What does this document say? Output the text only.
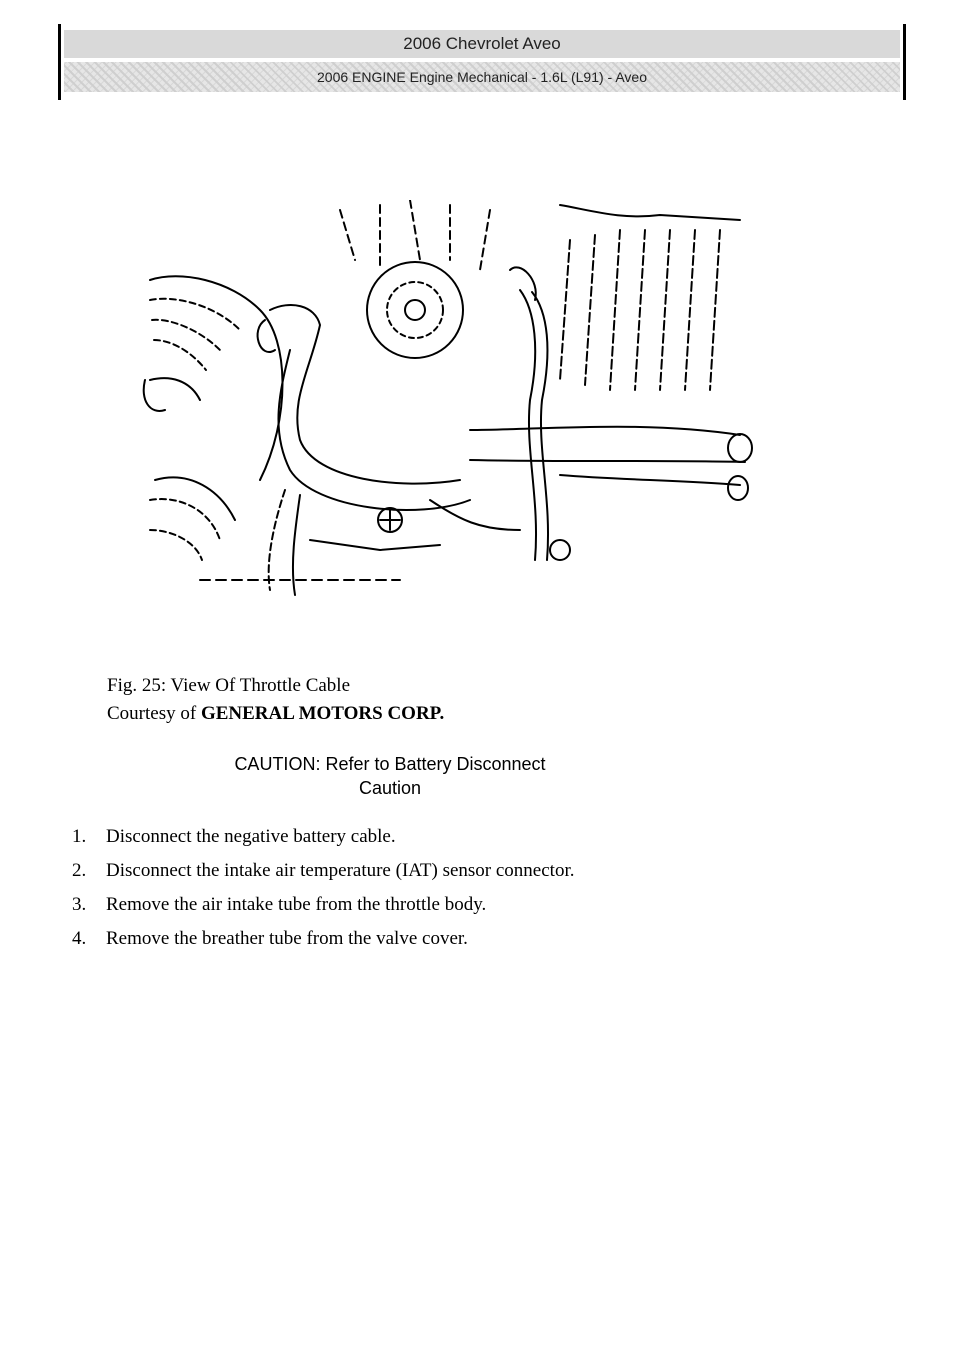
2006 Chevrolet Aveo
2006 ENGINE Engine Mechanical - 1.6L (L91) - Aveo
Fig. 25: View Of Throttle Cable
Courtesy of GENERAL MOTORS CORP.
CAUTION: Refer to Battery Disconnect
Caution
1.	Disconnect the negative battery cable.
2.	Disconnect the intake air temperature (IAT) sensor connector.
3.	Remove the air intake tube from the throttle body.
4.	Remove the breather tube from the valve cover.
